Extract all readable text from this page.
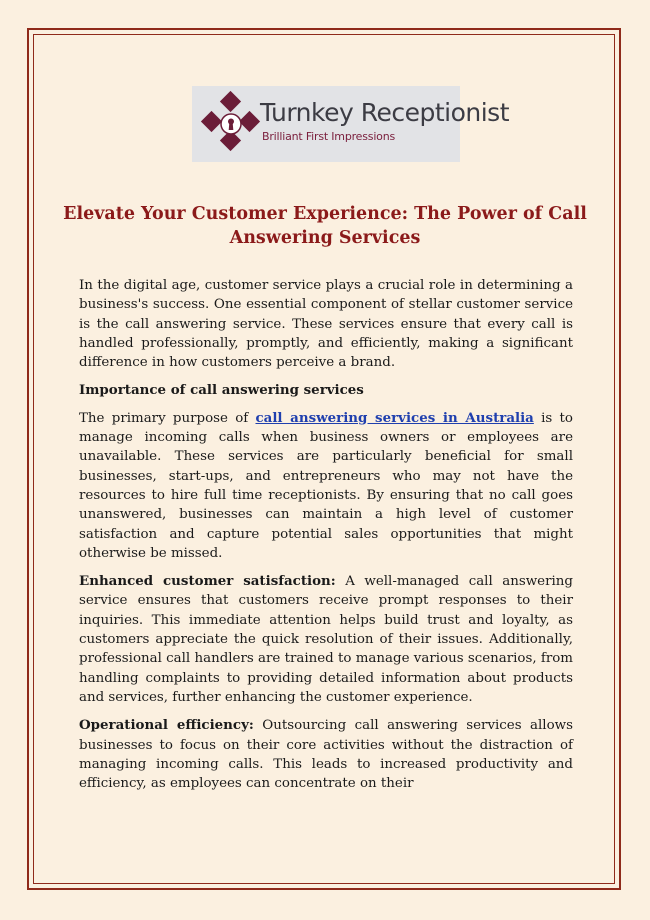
Turnkey Receptionist
Brilliant First Impressions
Elevate Your Customer Experience: The Power of Call Answering Services

In the digital age, customer service plays a crucial role in determining a business's success. One essential component of stellar customer service is the call answering service. These services ensure that every call is handled professionally, promptly, and efficiently, making a significant difference in how customers perceive a brand.

Importance of call answering services

The primary purpose of call answering services in Australia is to manage incoming calls when business owners or employees are unavailable. These services are particularly beneficial for small businesses, start-ups, and entrepreneurs who may not have the resources to hire full time receptionists. By ensuring that no call goes unanswered, businesses can maintain a high level of customer satisfaction and capture potential sales opportunities that might otherwise be missed.

Enhanced customer satisfaction: A well-managed call answering service ensures that customers receive prompt responses to their inquiries. This immediate attention helps build trust and loyalty, as customers appreciate the quick resolution of their issues. Additionally, professional call handlers are trained to manage various scenarios, from handling complaints to providing detailed information about products and services, further enhancing the customer experience.

Operational efficiency: Outsourcing call answering services allows businesses to focus on their core activities without the distraction of managing incoming calls. This leads to increased productivity and efficiency, as employees can concentrate on their
